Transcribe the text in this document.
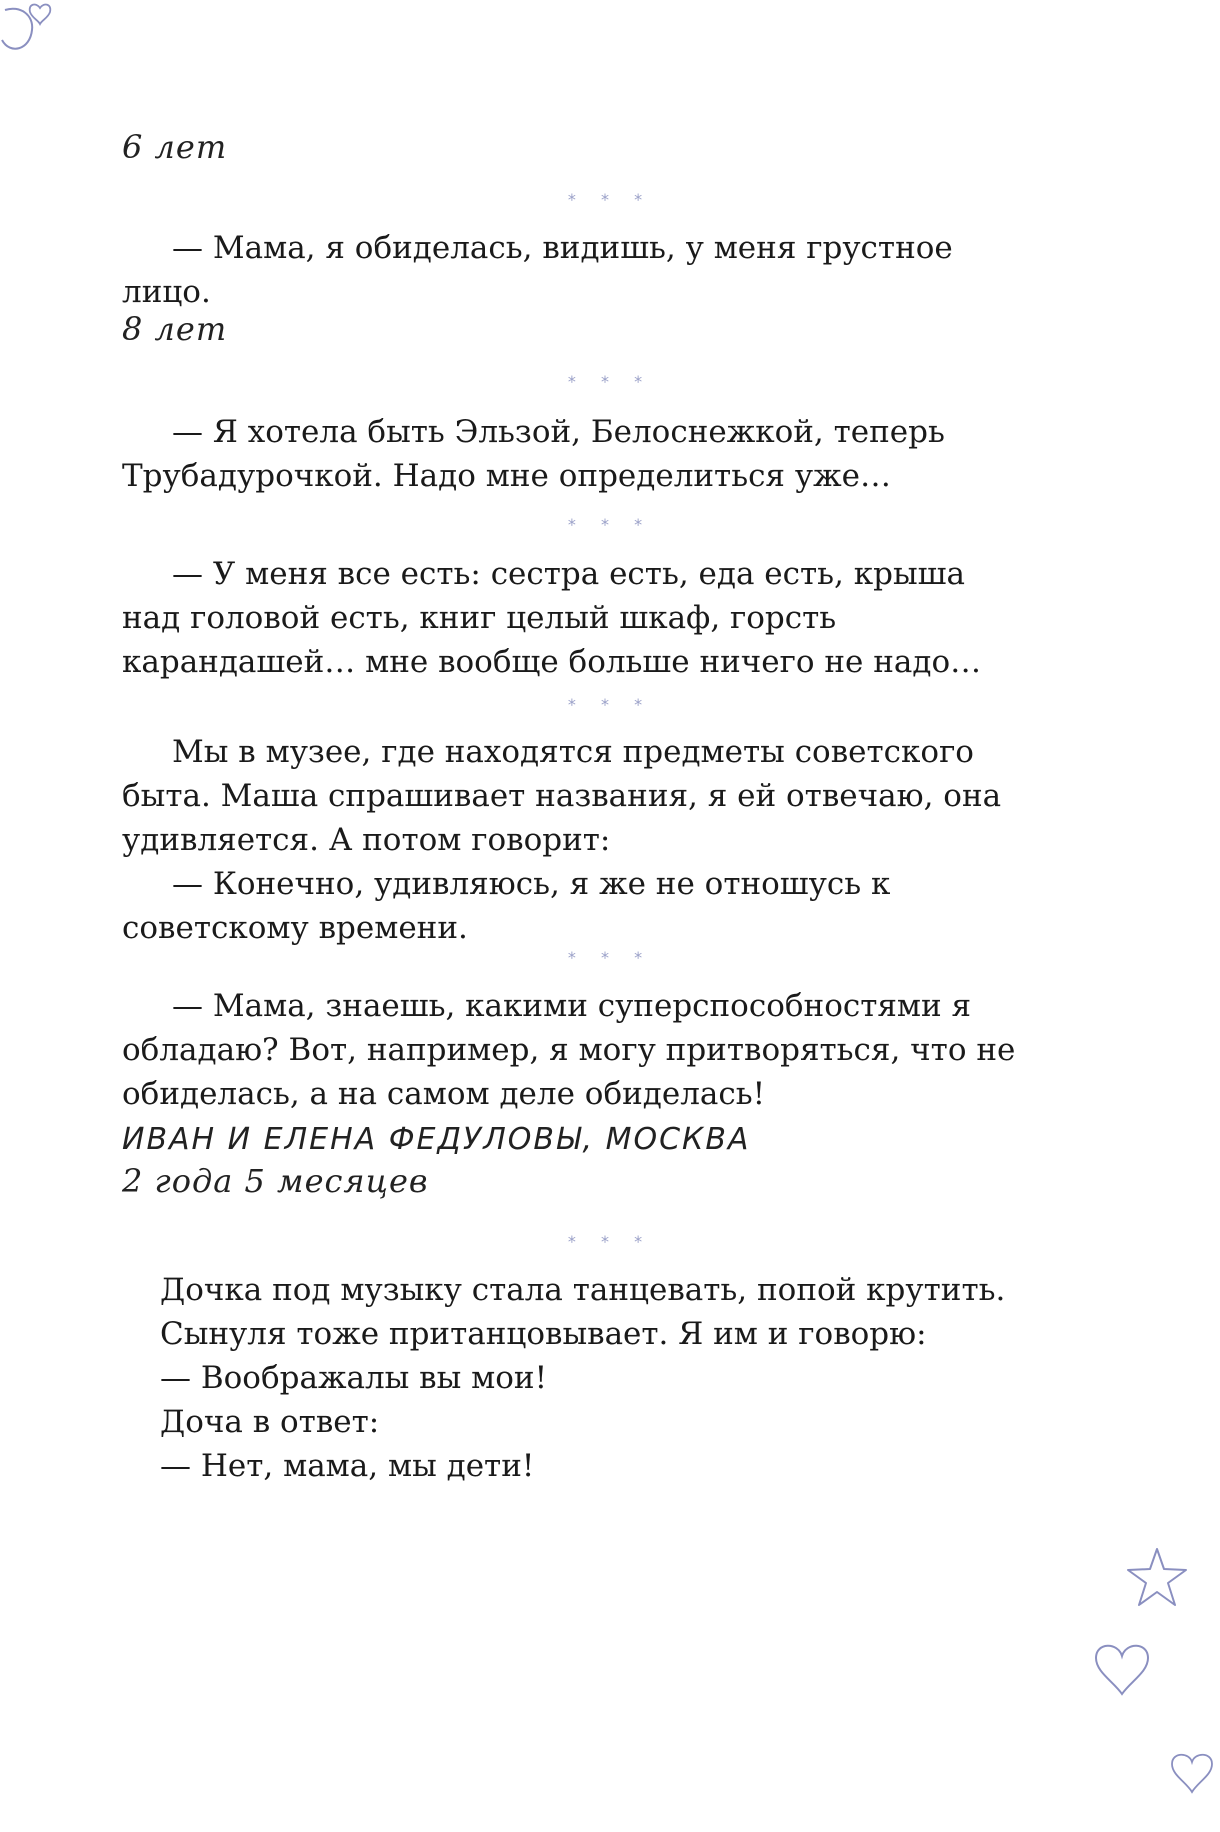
6 лет
* * *

— Мама, я обиделась, видишь, у меня грустное лицо.

8 лет
* * *

— Я хотела быть Эльзой, Белоснежкой, теперь Трубадурочкой. Надо мне определиться уже…

* * *

— У меня все есть: сестра есть, еда есть, крыша над головой есть, книг целый шкаф, горсть карандашей… мне вообще больше ничего не надо…

* * *

Мы в музее, где находятся предметы советского быта. Маша спрашивает названия, я ей отвечаю, она удивляется. А потом говорит:

— Конечно, удивляюсь, я же не отношусь к советскому времени.

* * *

— Мама, знаешь, какими суперспособностями я обладаю? Вот, например, я могу притворяться, что не обиделась, а на самом деле обиделась!

ИВАН И ЕЛЕНА ФЕДУЛОВЫ, МОСКВА
2 года 5 месяцев
* * *

Дочка под музыку стала танцевать, попой крутить.

Сынуля тоже пританцовывает. Я им и говорю:

— Воображалы вы мои!

Доча в ответ:

— Нет, мама, мы дети!
